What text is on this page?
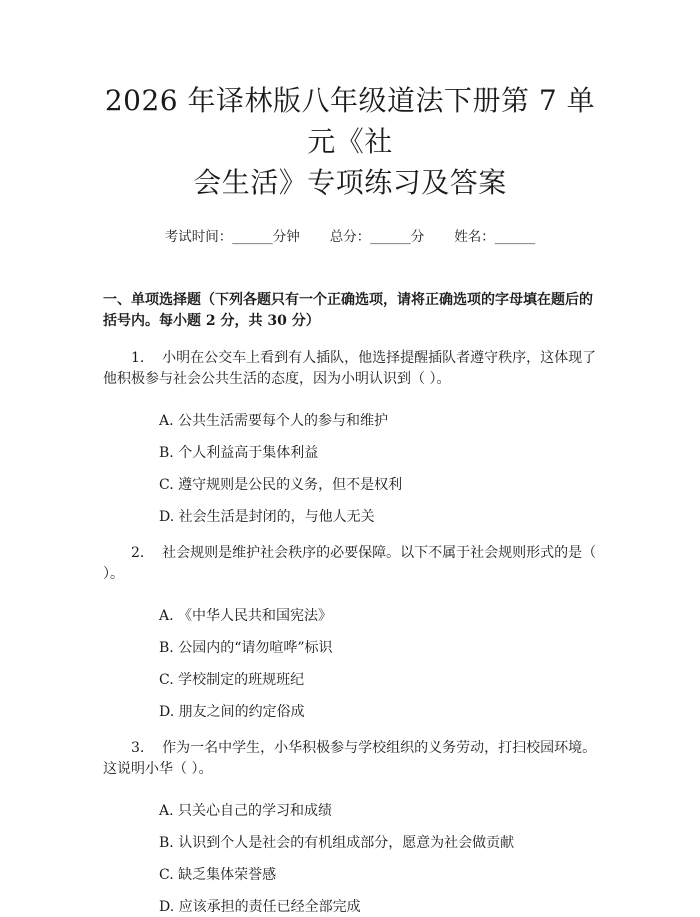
2026 年译林版八年级道法下册第 7 单元《社
会生活》专项练习及答案
考试时间：______分钟 总分：______分 姓名：______
一、单项选择题（下列各题只有一个正确选项，请将正确选项的字母填在题后的括号内。每小题 2 分，共 30 分）
1. 小明在公交车上看到有人插队，他选择提醒插队者遵守秩序，这体现了他积极参与社会公共生活的态度，因为小明认识到（ ）。
A. 公共生活需要每个人的参与和维护
B. 个人利益高于集体利益
C. 遵守规则是公民的义务，但不是权利
D. 社会生活是封闭的，与他人无关
2. 社会规则是维护社会秩序的必要保障。以下不属于社会规则形式的是（ ）。
A. 《中华人民共和国宪法》
B. 公园内的“请勿喧哗”标识
C. 学校制定的班规班纪
D. 朋友之间的约定俗成
3. 作为一名中学生，小华积极参与学校组织的义务劳动，打扫校园环境。这说明小华（ ）。
A. 只关心自己的学习和成绩
B. 认识到个人是社会的有机组成部分，愿意为社会做贡献
C. 缺乏集体荣誉感
D. 应该承担的责任已经全部完成
